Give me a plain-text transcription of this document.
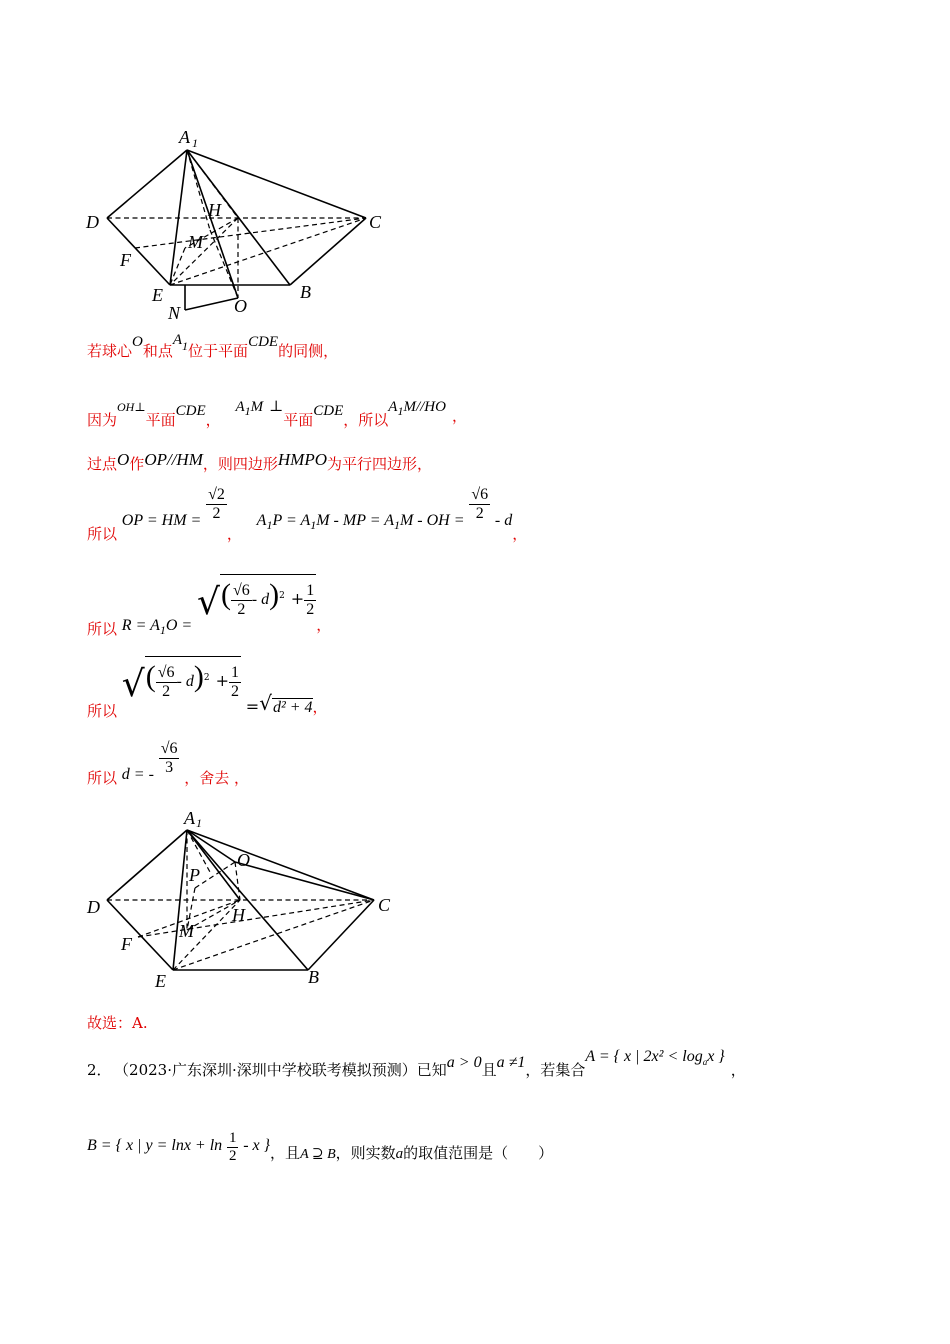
A 1
D	C
H
M
F
E	B
N	O
若球心O和点$A_1$位于平面CDE的同侧，
因为OH⊥平面CDE， $A_1M$ ⊥平面CDE，所以$A_1M//HO$ ，
过点O作OP//HM，则四边形HMPO为平行四边形，
所以 OP = HM = $\frac{√2}{2}$
， $A_1P = A_1M$ - MP = $A_1M$ - OH = $\frac{√6}{2}$ - d，
所以 $R = A_1O$ = √( $\frac{√6}{2} - d)^2 + \frac{1}{2}$
，
所以 √( $\frac{√6}{2} - d)^2 + \frac{1}{2}$
=√d² + 4，
所以 d = - $\frac{√6}{3}$
，舍去 ，
A 1
O
P
D	C
H
M
F
E	B
故选：A.
2． （2023·广东深圳·深圳中学校联考模拟预测）已知a > 0且a ≠1，若集合A = { x | $2x^2 < \log_ax$ }，
B = { x | $y = \ln x + \ln \frac{1}{2} - x$ }，且A ⊇ B，则实数a的取值范围是（　　）
